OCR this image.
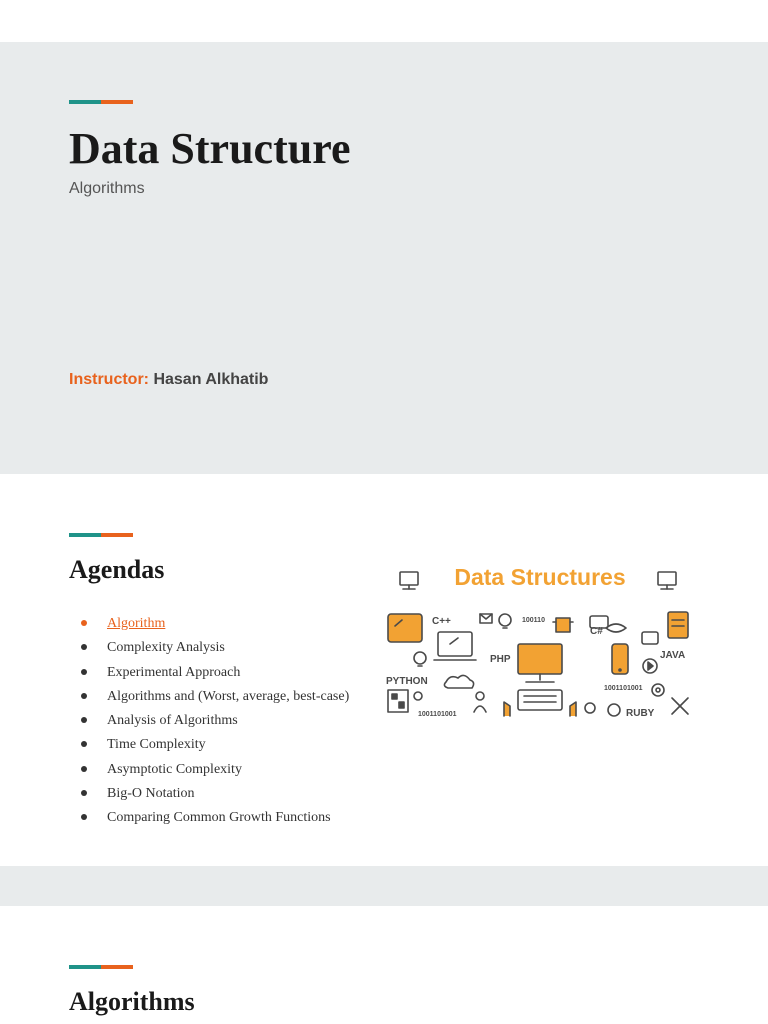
Data Structure
Algorithms
Instructor: Hasan Alkhatib
Agendas
Algorithm
Complexity Analysis
Experimental Approach
Algorithms and (Worst, average, best-case)
Analysis of Algorithms
Time Complexity
Asymptotic Complexity
Big-O Notation
Comparing Common Growth Functions
Data Structures
C++
C#
PHP	JAVA
PYTHON
RUBY
100110
1001101001
1001101001
Algorithms
